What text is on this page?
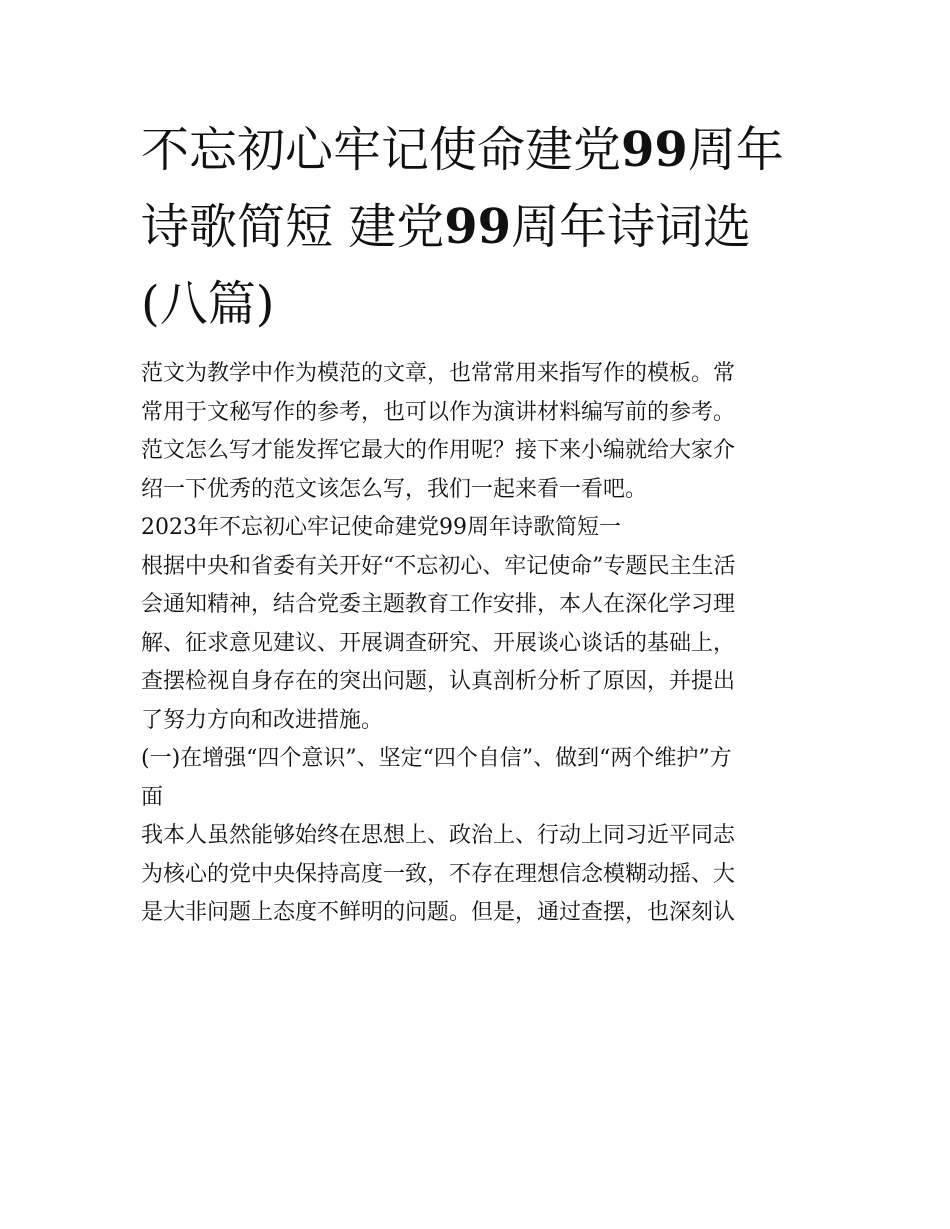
不忘初心牢记使命建党99周年
诗歌简短 建党99周年诗词选
(八篇)

范文为教学中作为模范的文章，也常常用来指写作的模板。常
常用于文秘写作的参考，也可以作为演讲材料编写前的参考。
范文怎么写才能发挥它最大的作用呢？接下来小编就给大家介
绍一下优秀的范文该怎么写，我们一起来看一看吧。

2023年不忘初心牢记使命建党99周年诗歌简短一

根据中央和省委有关开好“不忘初心、牢记使命”专题民主生活
会通知精神，结合党委主题教育工作安排，本人在深化学习理
解、征求意见建议、开展调查研究、开展谈心谈话的基础上，
查摆检视自身存在的突出问题，认真剖析分析了原因，并提出
了努力方向和改进措施。

(一)在增强“四个意识”、坚定“四个自信”、做到“两个维护”方
面

我本人虽然能够始终在思想上、政治上、行动上同习近平同志
为核心的党中央保持高度一致，不存在理想信念模糊动摇、大
是大非问题上态度不鲜明的问题。但是，通过查摆，也深刻认
